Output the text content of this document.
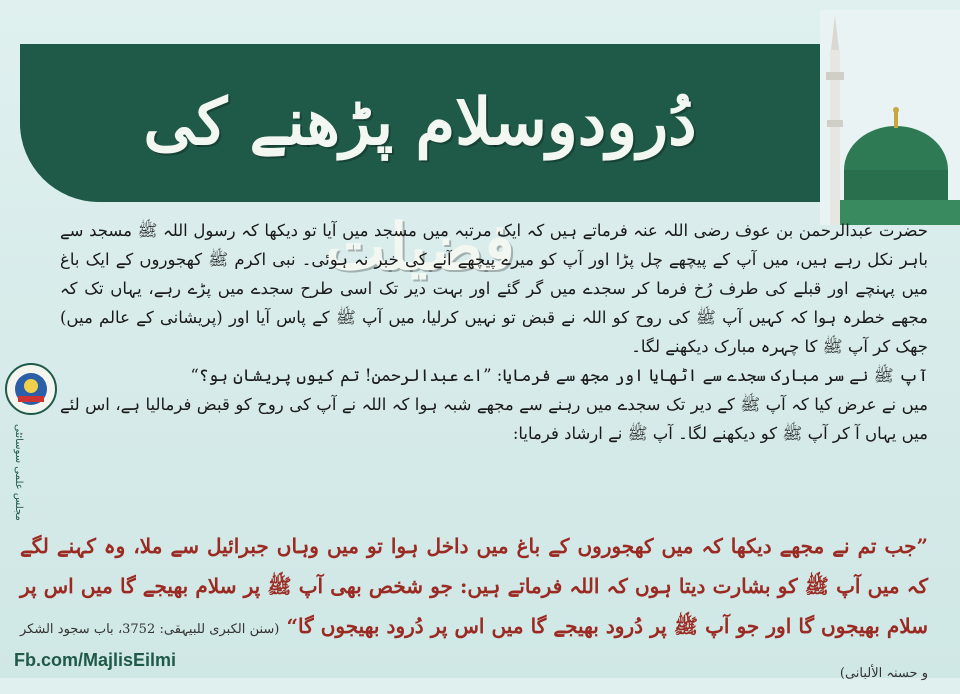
دُرودوسلام پڑھنے کی فضیلت
مجلس علمی سوسائٹی

حضرت عبدالرحمن بن عوف رضی اللہ عنہ فرماتے ہیں کہ ایک مرتبہ میں مسجد میں آیا تو دیکھا کہ رسول اللہ ﷺ مسجد سے باہر نکل رہے ہیں، میں آپ کے پیچھے چل پڑا اور آپ کو میرے پیچھے آنے کی خبر نہ ہوئی۔ نبی اکرم ﷺ کھجوروں کے ایک باغ میں پہنچے اور قبلے کی طرف رُخ فرما کر سجدے میں گر گئے اور بہت دیر تک اسی طرح سجدے میں پڑے رہے، یہاں تک کہ مجھے خطرہ ہوا کہ کہیں آپ ﷺ کی روح کو اللہ نے قبض تو نہیں کرلیا، میں آپ ﷺ کے پاس آیا اور (پریشانی کے عالم میں) جھک کر آپ ﷺ کا چہرہ مبارک دیکھنے لگا۔

آپ ﷺ نے سر مبارک سجدے سے اٹھایا اور مجھ سے فرمایا: ”اے عبدالرحمن! تم کیوں پریشان ہو؟“

میں نے عرض کیا کہ آپ ﷺ کے دیر تک سجدے میں رہنے سے مجھے شبہ ہوا کہ اللہ نے آپ کی روح کو قبض فرمالیا ہے، اس لئے میں یہاں آ کر آپ ﷺ کو دیکھنے لگا۔ آپ ﷺ نے ارشاد فرمایا:

”جب تم نے مجھے دیکھا کہ میں کھجوروں کے باغ میں داخل ہوا تو میں وہاں جبرائیل سے ملا، وہ کہنے لگے کہ میں آپ ﷺ کو بشارت دیتا ہوں کہ اللہ فرماتے ہیں: جو شخص بھی آپ ﷺ پر سلام بھیجے گا میں اس پر سلام بھیجوں گا اور جو آپ ﷺ پر دُرود بھیجے گا میں اس پر دُرود بھیجوں گا“ (سنن الکبری للبیہقی: 3752، باب سجود الشکر و حسنہ الألبانی)

Fb.com/MajlisEilmi
